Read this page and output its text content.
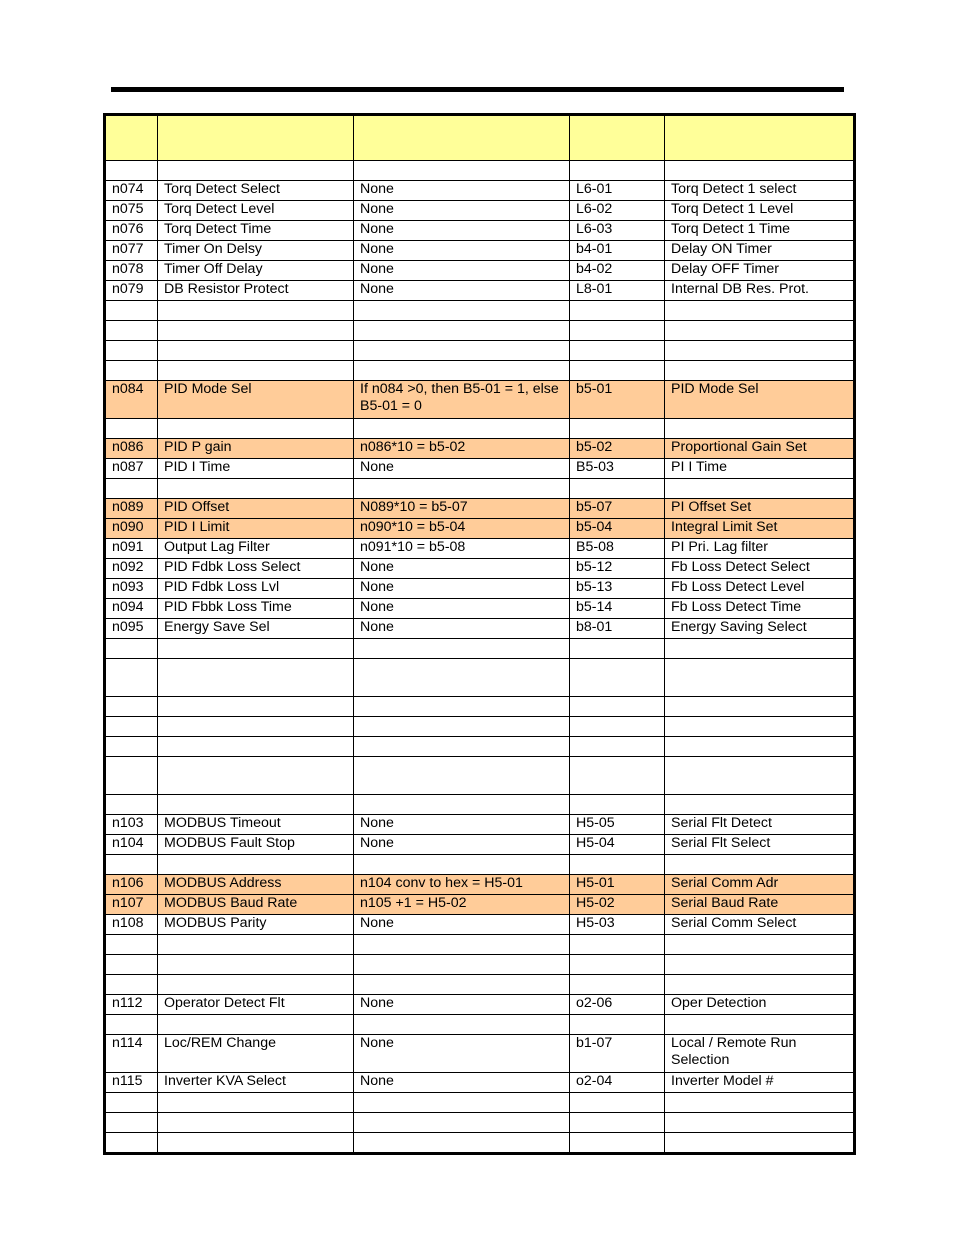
n074	Torq Detect Select	None	L6-01	Torq Detect 1 select
n075	Torq Detect Level	None	L6-02	Torq Detect 1 Level
n076	Torq Detect Time	None	L6-03	Torq Detect 1 Time
n077	Timer On Delsy	None	b4-01	Delay ON Timer
n078	Timer Off Delay	None	b4-02	Delay OFF Timer
n079	DB Resistor Protect	None	L8-01	Internal DB Res. Prot.

n084	PID Mode Sel	If n084 >0, then B5-01 = 1, else B5-01 = 0	b5-01	PID Mode Sel

n086	PID P gain	n086*10 = b5-02	b5-02	Proportional Gain Set
n087	PID I Time	None	B5-03	PI I Time

n089	PID Offset	N089*10 = b5-07	b5-07	PI Offset Set
n090	PID I Limit	n090*10 = b5-04	b5-04	Integral Limit Set
n091	Output Lag Filter	n091*10 = b5-08	B5-08	PI Pri. Lag filter
n092	PID Fdbk Loss Select	None	b5-12	Fb Loss Detect Select
n093	PID Fdbk Loss Lvl	None	b5-13	Fb Loss Detect Level
n094	PID Fbbk Loss Time	None	b5-14	Fb Loss Detect Time
n095	Energy Save Sel	None	b8-01	Energy Saving Select

n103	MODBUS Timeout	None	H5-05	Serial Flt Detect
n104	MODBUS Fault Stop	None	H5-04	Serial Flt Select

n106	MODBUS Address	n104 conv to hex = H5-01	H5-01	Serial Comm Adr
n107	MODBUS Baud Rate	n105 +1 = H5-02	H5-02	Serial Baud Rate
n108	MODBUS Parity	None	H5-03	Serial Comm Select

n112	Operator Detect Flt	None	o2-06	Oper Detection

n114	Loc/REM Change	None	b1-07	Local / Remote Run Selection
n115	Inverter KVA Select	None	o2-04	Inverter Model #
